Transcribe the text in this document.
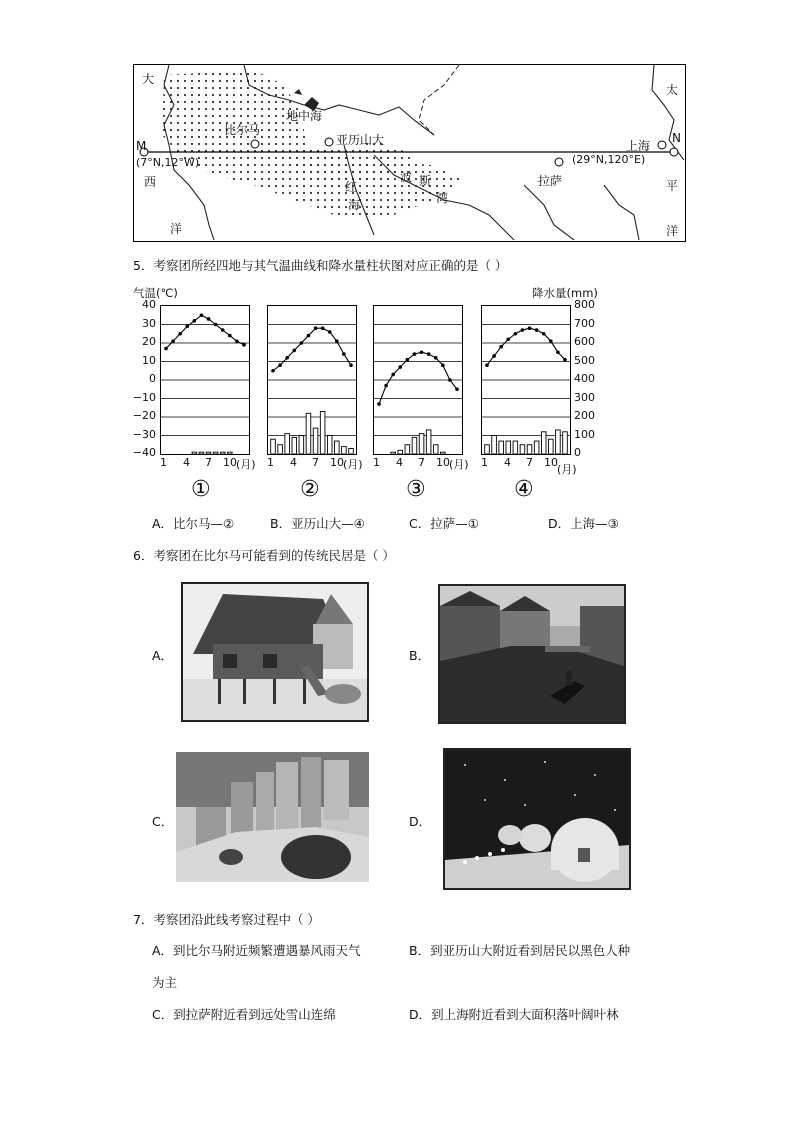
大
比尔马
地中海
亚历山大
M
(7°N,12°W)
西
洋
红
海
波 斯
湾
拉萨
(29°N,120°E)
上海
N
太
平
洋
5．考察团所经四地与其气温曲线和降水量柱状图对应正确的是（ ）
气温(℃)	降水量(mm)
40
30
20
10
0
−10
−20
−30
−40
800
700
600
500
400
300
200
100
0
1 4 7 10 (月) 1 4 7 10 (月) 1 4 7 10 (月) 1 4 7 10
(月)
①	②	③	④
A．比尔马—②	B．亚历山大—④	C．拉萨—①	D．上海—③
6．考察团在比尔马可能看到的传统民居是（ ）
A．	B．
C．	D．
7．考察团沿此线考察过程中（ ）
A．到比尔马附近频繁遭遇暴风雨天气	B．到亚历山大附近看到居民以黑色人种
为主
C．到拉萨附近看到远处雪山连绵	D．到上海附近看到大面积落叶阔叶林
